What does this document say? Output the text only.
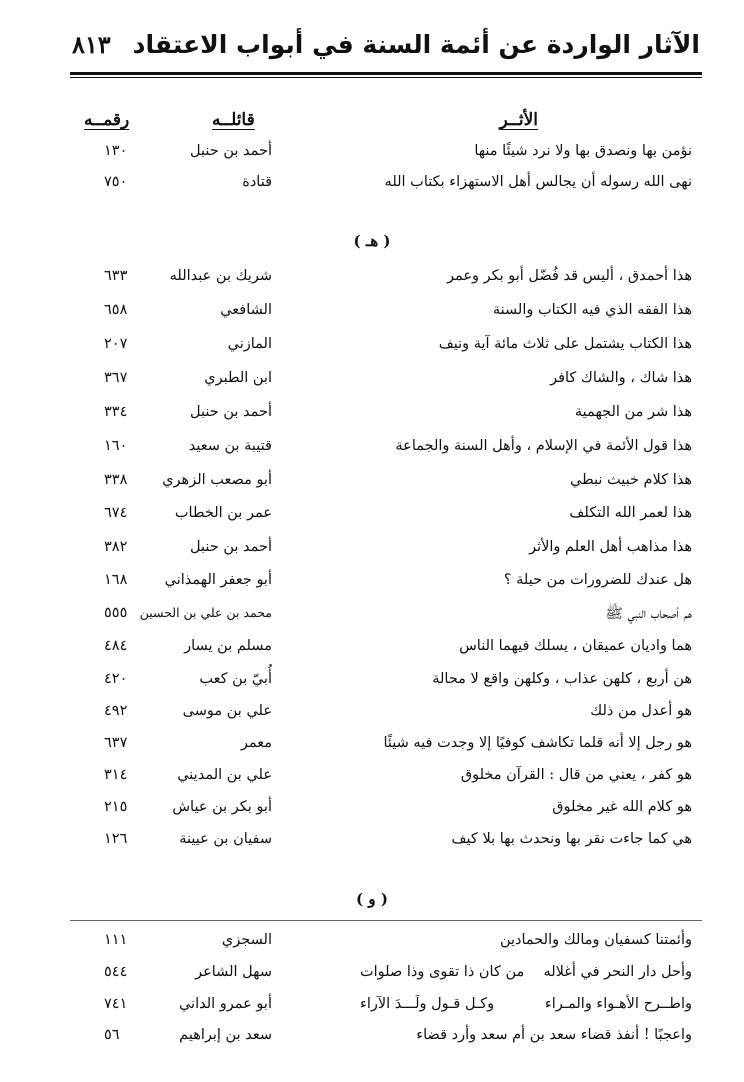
الآثار الواردة عن أئمة السنة في أبواب الاعتقاد
٨١٣
الأثــر
قائلــه
رقمــه
نؤمن بها ونصدق بها ولا نرد شيئًا منها
أحمد بن حنبل
١٣٠
نهى الله رسوله أن يجالس أهل الاستهزاء بكتاب الله
قتادة
٧٥٠
( هـ )
هذا أحمدق ، أليس قد فُضّل أبو بكر وعمر
شريك بن عبدالله
٦٣٣
هذا الفقه الذي فيه الكتاب والسنة
الشافعي
٦٥٨
هذا الكتاب يشتمل على ثلاث مائة آية ونيف
المازني
٢٠٧
هذا شاك ، والشاك كافر
ابن الطبري
٣٦٧
هذا شر من الجهمية
أحمد بن حنبل
٣٣٤
هذا قول الأئمة في الإسلام ، وأهل السنة والجماعة
قتيبة بن سعيد
١٦٠
هذا كلام خبيث نبطي
أبو مصعب الزهري
٣٣٨
هذا لعمر الله التكلف
عمر بن الخطاب
٦٧٤
هذا مذاهب أهل العلم والأثر
أحمد بن حنبل
٣٨٢
هل عندك للضرورات من حيلة ؟
أبو جعفر الهمذاني
١٦٨
هم أصحاب النبي ﷺ
محمد بن علي بن الحسين
٥٥٥
هما واديان عميقان ، يسلك فيهما الناس
مسلم بن يسار
٤٨٤
هن أربع ، كلهن عذاب ، وكلهن واقع لا محالة
أُبيّ بن كعب
٤٢٠
هو أعدل من ذلك
علي بن موسى
٤٩٢
هو رجل إلا أنه قلما تكاشف كوفيًا إلا وجدت فيه شيئًا
معمر
٦٣٧
هو كفر ، يعني من قال : القرآن مخلوق
علي بن المديني
٣١٤
هو كلام الله غير مخلوق
أبو بكر بن عياش
٢١٥
هي كما جاءت نقر بها ونحدث بها بلا كيف
سفيان بن عيينة
١٢٦
( و )
وأئمتنا كسفيان ومالك والحمادين
السجزي
١١١
وأحل دار النحر في أغلاله
من كان ذا تقوى وذا صلوات
سهل الشاعر
٥٤٤
واطــرح الأهـواء والمـراء
وكـل قـول ولَـــدَ الآراء
أبو عمرو الداني
٧٤١
واعجبًا ! أنفذ قضاء سعد بن أم سعد وأرد قضاء
سعد بن إبراهيم
٥٦
